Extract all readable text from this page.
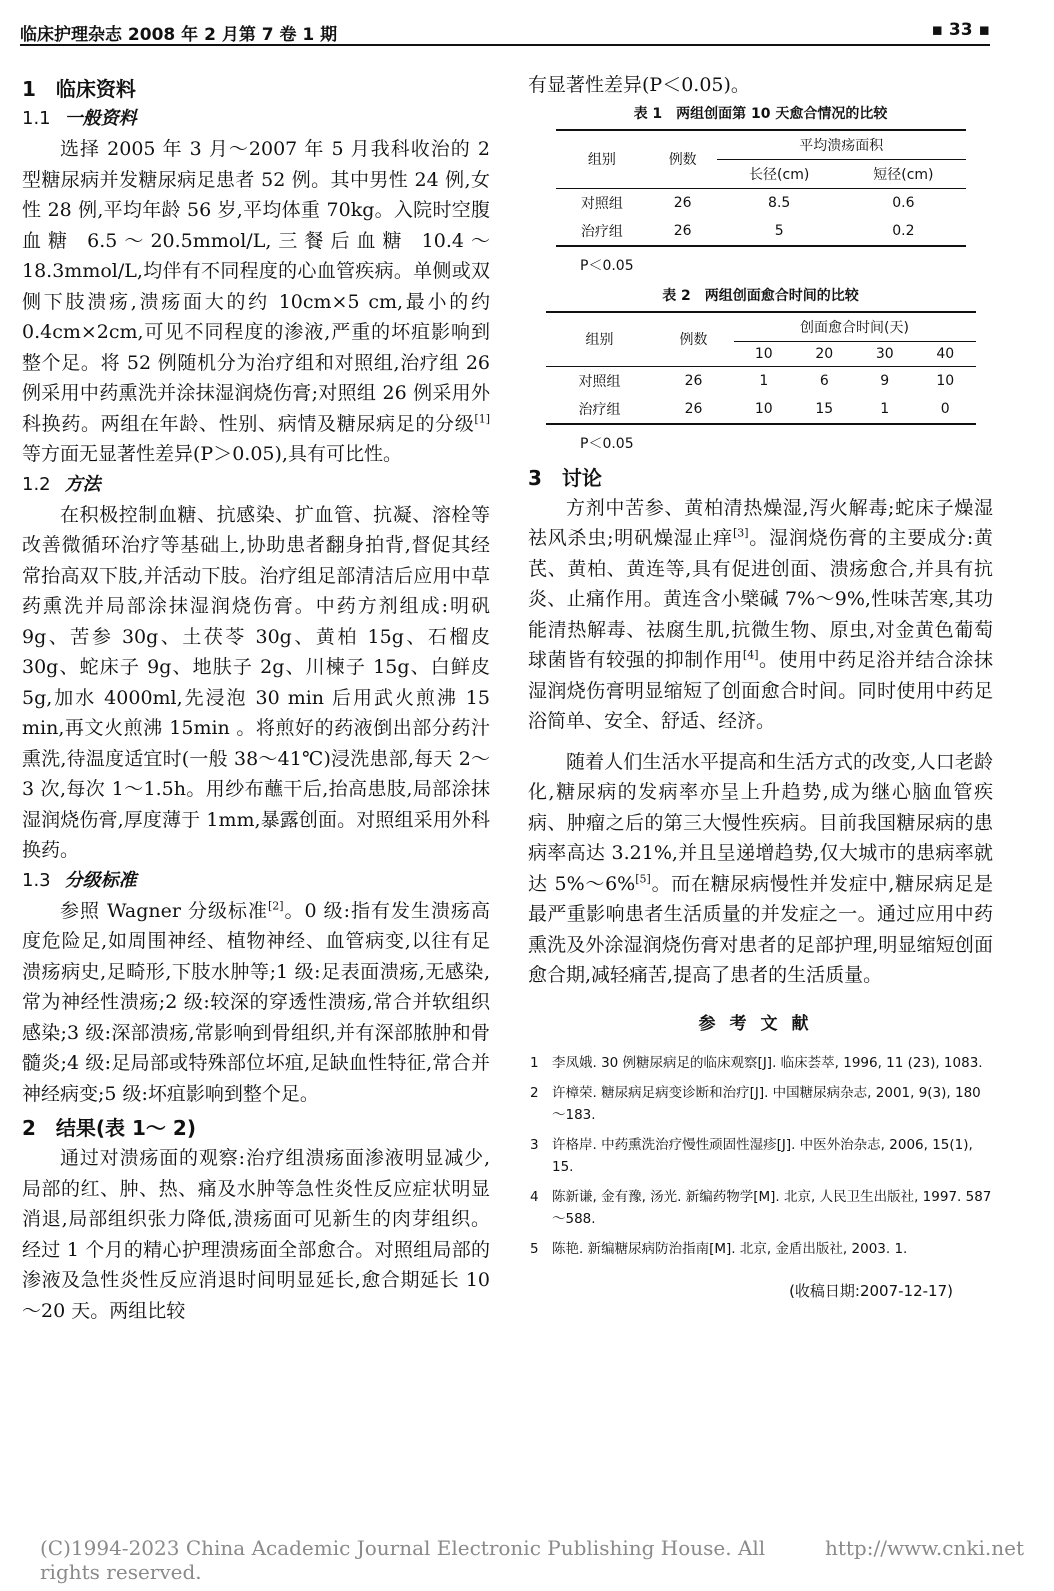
临床护理杂志 2008 年 2 月第 7 卷 1 期	▪ 33 ▪
1　临床资料
1.1 一般资料

选择 2005 年 3 月～2007 年 5 月我科收治的 2 型糖尿病并发糖尿病足患者 52 例。其中男性 24 例,女性 28 例,平均年龄 56 岁,平均体重 70kg。入院时空腹血糖 6.5～20.5mmol/L,三餐后血糖 10.4～18.3mmol/L,均伴有不同程度的心血管疾病。单侧或双侧下肢溃疡,溃疡面大的约 10cm×5 cm,最小的约 0.4cm×2cm,可见不同程度的渗液,严重的坏疽影响到整个足。将 52 例随机分为治疗组和对照组,治疗组 26 例采用中药熏洗并涂抹湿润烧伤膏;对照组 26 例采用外科换药。两组在年龄、性别、病情及糖尿病足的分级[1]等方面无显著性差异(P＞0.05),具有可比性。

1.2 方法

在积极控制血糖、抗感染、扩血管、抗凝、溶栓等改善微循环治疗等基础上,协助患者翻身拍背,督促其经常抬高双下肢,并活动下肢。治疗组足部清洁后应用中草药熏洗并局部涂抹湿润烧伤膏。中药方剂组成:明矾 9g、苦参 30g、土茯苓 30g、黄柏 15g、石榴皮 30g、蛇床子 9g、地肤子 2g、川楝子 15g、白鲜皮 5g,加水 4000ml,先浸泡 30 min 后用武火煎沸 15 min,再文火煎沸 15min 。将煎好的药液倒出部分药汁熏洗,待温度适宜时(一般 38～41℃)浸洗患部,每天 2～3 次,每次 1～1.5h。用纱布蘸干后,抬高患肢,局部涂抹湿润烧伤膏,厚度薄于 1mm,暴露创面。对照组采用外科换药。

1.3 分级标准

参照 Wagner 分级标准[2]。0 级:指有发生溃疡高度危险足,如周围神经、植物神经、血管病变,以往有足溃疡病史,足畸形,下肢水肿等;1 级:足表面溃疡,无感染,常为神经性溃疡;2 级:较深的穿透性溃疡,常合并软组织感染;3 级:深部溃疡,常影响到骨组织,并有深部脓肿和骨髓炎;4 级:足局部或特殊部位坏疽,足缺血性特征,常合并神经病变;5 级:坏疽影响到整个足。

2　结果(表 1～ 2)

通过对溃疡面的观察:治疗组溃疡面渗液明显减少,局部的红、肿、热、痛及水肿等急性炎性反应症状明显消退,局部组织张力降低,溃疡面可见新生的肉芽组织。经过 1 个月的精心护理溃疡面全部愈合。对照组局部的渗液及急性炎性反应消退时间明显延长,愈合期延长 10～20 天。两组比较

有显著性差异(P＜0.05)。

表 1　两组创面第 10 天愈合情况的比较
组别	例数	平均溃疡面积	
		长径(cm)	短径(cm)
对照组	26	8.5	0.6
治疗组	26	5	0.2
P＜0.05
表 2　两组创面愈合时间的比较
组别	例数	创面愈合时间(天)			
		10	20	30	40
对照组	26	1	6	9	10
治疗组	26	10	15	1	0
P＜0.05
3　讨论

方剂中苦参、黄柏清热燥湿,泻火解毒;蛇床子燥湿祛风杀虫;明矾燥湿止痒[3]。湿润烧伤膏的主要成分:黄芪、黄柏、黄连等,具有促进创面、溃疡愈合,并具有抗炎、止痛作用。黄连含小檗碱 7%～9%,性味苦寒,其功能清热解毒、祛腐生肌,抗微生物、原虫,对金黄色葡萄球菌皆有较强的抑制作用[4]。使用中药足浴并结合涂抹湿润烧伤膏明显缩短了创面愈合时间。同时使用中药足浴简单、安全、舒适、经济。

随着人们生活水平提高和生活方式的改变,人口老龄化,糖尿病的发病率亦呈上升趋势,成为继心脑血管疾病、肿瘤之后的第三大慢性疾病。目前我国糖尿病的患病率高达 3.21%,并且呈递增趋势,仅大城市的患病率就达 5%～6%[5]。而在糖尿病慢性并发症中,糖尿病足是最严重影响患者生活质量的并发症之一。通过应用中药熏洗及外涂湿润烧伤膏对患者的足部护理,明显缩短创面愈合期,减轻痛苦,提高了患者的生活质量。

参考文献
1 李凤娥. 30 例糖尿病足的临床观察[J]. 临床荟萃, 1996, 11 (23), 1083.
2 许樟荣. 糖尿病足病变诊断和治疗[J]. 中国糖尿病杂志, 2001, 9(3), 180～183.
3 许格岸. 中药熏洗治疗慢性顽固性湿疹[J]. 中医外治杂志, 2006, 15(1), 15.
4 陈新谦, 金有豫, 汤光. 新编药物学[M]. 北京, 人民卫生出版社, 1997. 587～588.
5 陈艳. 新编糖尿病防治指南[M]. 北京, 金盾出版社, 2003. 1.
(收稿日期:2007-12-17)
(C)1994-2023 China Academic Journal Electronic Publishing House. All rights reserved.
http://www.cnki.net
